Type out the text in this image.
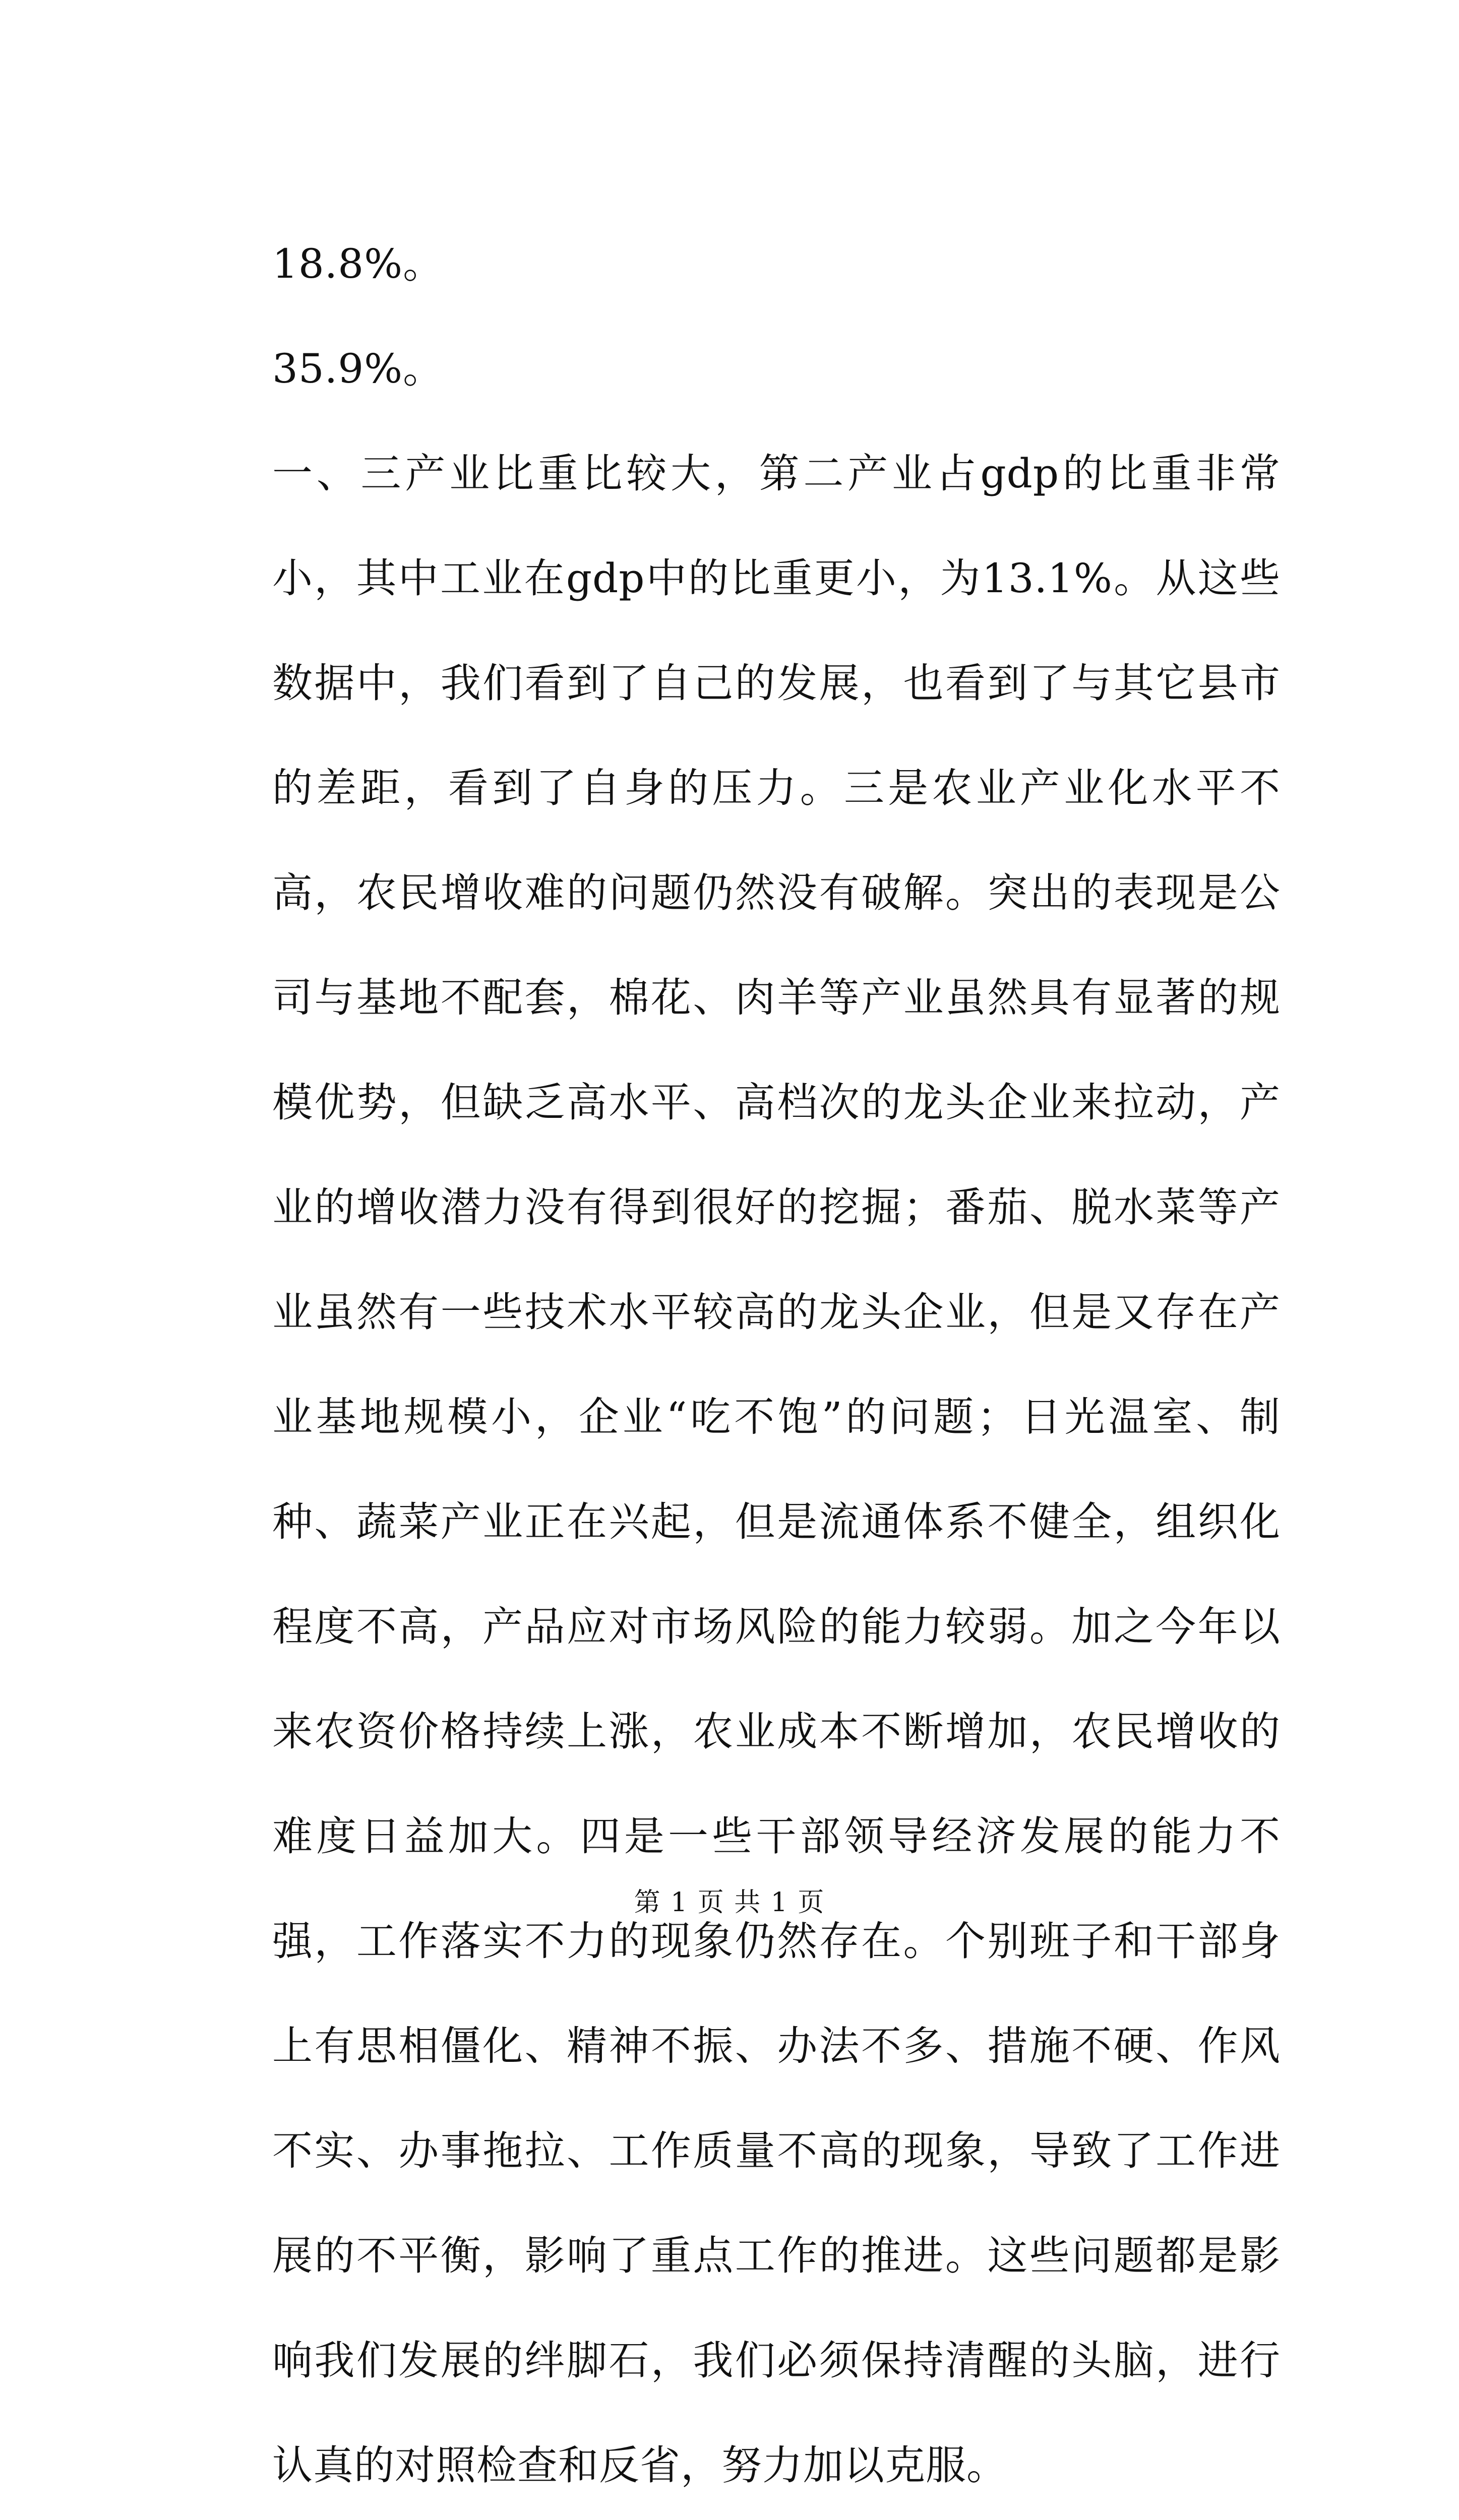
18.8%。

35.9%。

一、三产业比重比较大，第二产业占gdp的比重非常小，其中工业在gdp中的比重更小，为13.1%。从这些数据中，我们看到了自己的发展，也看到了与其它县市的差距，看到了自身的压力。三是农业产业化水平不高，农民增收难的问题仍然没有破解。突出的表现是公司与基地不配套，棉花、肉羊等产业虽然具有显著的规模优势，但缺乏高水平、高档次的龙头企业来拉动，产业的增收潜力没有得到很好的挖掘；番茄、脱水菜等产业虽然有一些技术水平较高的龙头企业，但是又存在产业基地规模小，企业“吃不饱”的问题；日光温室、制种、蔬菜产业正在兴起，但是流通体系不健全，组织化程度不高，产品应对市场风险的能力较弱。加之今年以来农资价格持续上涨，农业成本不断增加，农民增收的难度日益加大。四是一些干部领导经济发展的能力不强，工作落实不力的现象仍然存在。个别班子和干部身上有思相僵化、精神不振、办法不多、措施不硬、作风不实、办事拖拉、工作质量不高的现象，导致了工作进展的不平衡，影响了重点工作的推进。这些问题都是影响我们发展的绊脚石，我们必须保持清醒的头脑，进行认真的对照检查和反省，努力加以克服。

第 1 页 共 1 页
